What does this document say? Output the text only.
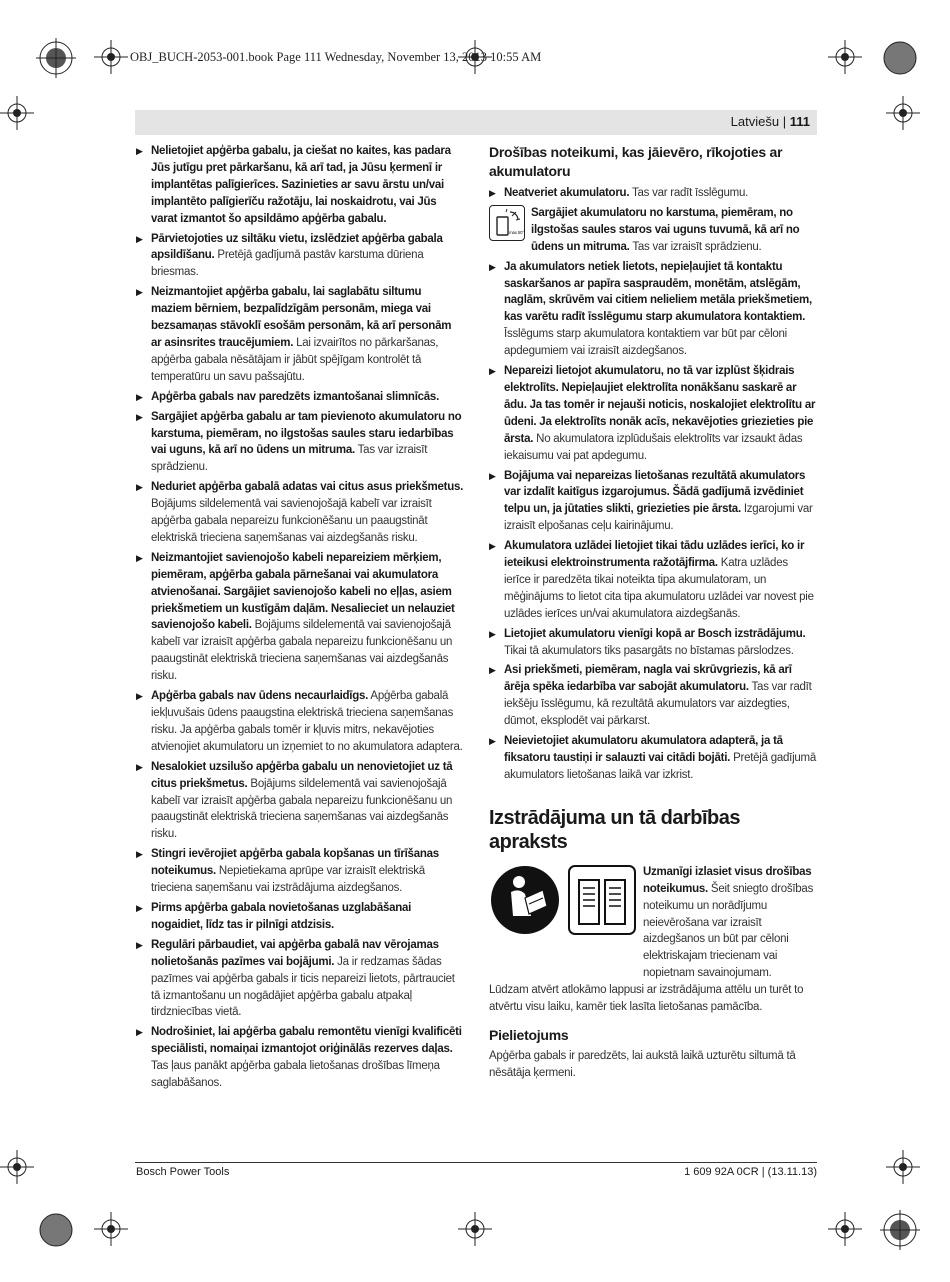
OBJ_BUCH-2053-001.book Page 111 Wednesday, November 13, 2013 10:55 AM
Latviešu | 111
▶ Nelietojiet apģērba gabalu, ja ciešat no kaites, kas padara Jūs jutīgu pret pārkaršanu, kā arī tad, ja Jūsu ķermenī ir implantētas palīgierīces. Sazinieties ar savu ārstu un/vai implantēto palīgierīču ražotāju, lai noskaidrotu, vai Jūs varat izmantot šo apsildāmo apģērba gabalu.
▶ Pārvietojoties uz siltāku vietu, izslēdziet apģērba gabala apsildīšanu. Pretējā gadījumā pastāv karstuma dūriena briesmas.
▶ Neizmantojiet apģērba gabalu, lai saglabātu siltumu maziem bērniem, bezpalīdzīgām personām, miega vai bezsamaņas stāvoklī esošām personām, kā arī personām ar asinsrites traucējumiem. Lai izvairītos no pārkaršanas, apģērba gabala nēsātājam ir jābūt spējīgam kontrolēt tā temperatūru un savu pašsajūtu.
▶ Apģērba gabals nav paredzēts izmantošanai slimnīcās.
▶ Sargājiet apģērba gabalu ar tam pievienoto akumulatoru no karstuma, piemēram, no ilgstošas saules staru iedarbības vai uguns, kā arī no ūdens un mitruma. Tas var izraisīt sprādzienu.
▶ Neduriet apģērba gabalā adatas vai citus asus priekšmetus. Bojājums sildelementā vai savienojošajā kabelī var izraisīt apģērba gabala nepareizu funkcionēšanu un paaugstināt elektriskā trieciena saņemšanas vai aizdegšanās risku.
▶ Neizmantojiet savienojošo kabeli nepareiziem mērķiem, piemēram, apģērba gabala pārnešanai vai akumulatora atvienošanai. Sargājiet savienojošo kabeli no eļļas, asiem priekšmetiem un kustīgām daļām. Nesalieciet un nelauziet savienojošo kabeli. Bojājums sildelementā vai savienojošajā kabelī var izraisīt apģērba gabala nepareizu funkcionēšanu un paaugstināt elektriskā trieciena saņemšanas vai aizdegšanās risku.
▶ Apģērba gabals nav ūdens necaurlaidīgs. Apģērba gabalā iekļuvušais ūdens paaugstina elektriskā trieciena saņemšanas risku. Ja apģērba gabals tomēr ir kļuvis mitrs, nekavējoties atvienojiet akumulatoru un izņemiet to no akumulatora adaptera.
▶ Nesalokiet uzsilušo apģērba gabalu un nenovietojiet uz tā citus priekšmetus. Bojājums sildelementā vai savienojošajā kabelī var izraisīt apģērba gabala nepareizu funkcionēšanu un paaugstināt elektriskā trieciena saņemšanas vai aizdegšanās risku.
▶ Stingri ievērojiet apģērba gabala kopšanas un tīrīšanas noteikumus. Nepietiekama aprūpe var izraisīt elektriskā trieciena saņemšanu vai izstrādājuma aizdegšanos.
▶ Pirms apģērba gabala novietošanas uzglabāšanai nogaidiet, līdz tas ir pilnīgi atdzisis.
▶ Regulāri pārbaudiet, vai apģērba gabalā nav vērojamas nolietošanās pazīmes vai bojājumi. Ja ir redzamas šādas pazīmes vai apģērba gabals ir ticis nepareizi lietots, pārtrauciet tā izmantošanu un nogādājiet apģērba gabalu atpakaļ tirdzniecības vietā.
▶ Nodrošiniet, lai apģērba gabalu remontētu vienīgi kvalificēti speciālisti, nomaiņai izmantojot oriģinālās rezerves daļas. Tas ļaus panākt apģērba gabala lietošanas drošības līmeņa saglabāšanos.
Drošības noteikumi, kas jāievēro, rīkojoties ar akumulatoru
▶ Neatveriet akumulatoru. Tas var radīt īsslēgumu.
max 50°
Sargājiet akumulatoru no karstuma, piemēram, no ilgstošas saules staros vai uguns tuvumā, kā arī no ūdens un mitruma. Tas var izraisīt sprādzienu.
▶ Ja akumulators netiek lietots, nepieļaujiet tā kontaktu saskaršanos ar papīra saspraudēm, monētām, atslēgām, naglām, skrūvēm vai citiem nelieliem metāla priekšmetiem, kas varētu radīt īsslēgumu starp akumulatora kontaktiem. Īsslēgums starp akumulatora kontaktiem var būt par cēloni apdegumiem vai izraisīt aizdegšanos.
▶ Nepareizi lietojot akumulatoru, no tā var izplūst šķidrais elektrolīts. Nepieļaujiet elektrolīta nonākšanu saskarē ar ādu. Ja tas tomēr ir nejauši noticis, noskalojiet elektrolītu ar ūdeni. Ja elektrolīts nonāk acīs, nekavējoties griezieties pie ārsta. No akumulatora izplūdušais elektrolīts var izsaukt ādas iekaisumu vai pat apdegumu.
▶ Bojājuma vai nepareizas lietošanas rezultātā akumulators var izdalīt kaitīgus izgarojumus. Šādā gadījumā izvēdiniet telpu un, ja jūtaties slikti, griezieties pie ārsta. Izgarojumi var izraisīt elpošanas ceļu kairinājumu.
▶ Akumulatora uzlādei lietojiet tikai tādu uzlādes ierīci, ko ir ieteikusi elektroinstrumenta ražotājfirma. Katra uzlādes ierīce ir paredzēta tikai noteikta tipa akumulatoram, un mēģinājums to lietot cita tipa akumulatoru uzlādei var novest pie uzlādes ierīces un/vai akumulatora aizdegšanās.
▶ Lietojiet akumulatoru vienīgi kopā ar Bosch izstrādājumu. Tikai tā akumulators tiks pasargāts no bīstamas pārslodzes.
▶ Asi priekšmeti, piemēram, nagla vai skrūvgriezis, kā arī ārēja spēka iedarbība var sabojāt akumulatoru. Tas var radīt iekšēju īsslēgumu, kā rezultātā akumulators var aizdegties, dūmot, eksplodēt vai pārkarst.
▶ Neievietojiet akumulatoru akumulatora adapterā, ja tā fiksatoru taustiņi ir salauzti vai citādi bojāti. Pretējā gadījumā akumulators lietošanas laikā var izkrist.
Izstrādājuma un tā darbības apraksts
Uzmanīgi izlasiet visus drošības noteikumus. Šeit sniegto drošības noteikumu un norādījumu neievērošana var izraisīt aizdegšanos un būt par cēloni elektriskajam triecienam vai nopietnam savainojumam.

Lūdzam atvērt atlokāmo lappusi ar izstrādājuma attēlu un turēt to atvērtu visu laiku, kamēr tiek lasīta lietošanas pamācība.

Pielietojums

Apģērba gabals ir paredzēts, lai aukstā laikā uzturētu siltumā tā nēsātāja ķermeni.

Bosch Power Tools	1 609 92A 0CR | (13.11.13)
